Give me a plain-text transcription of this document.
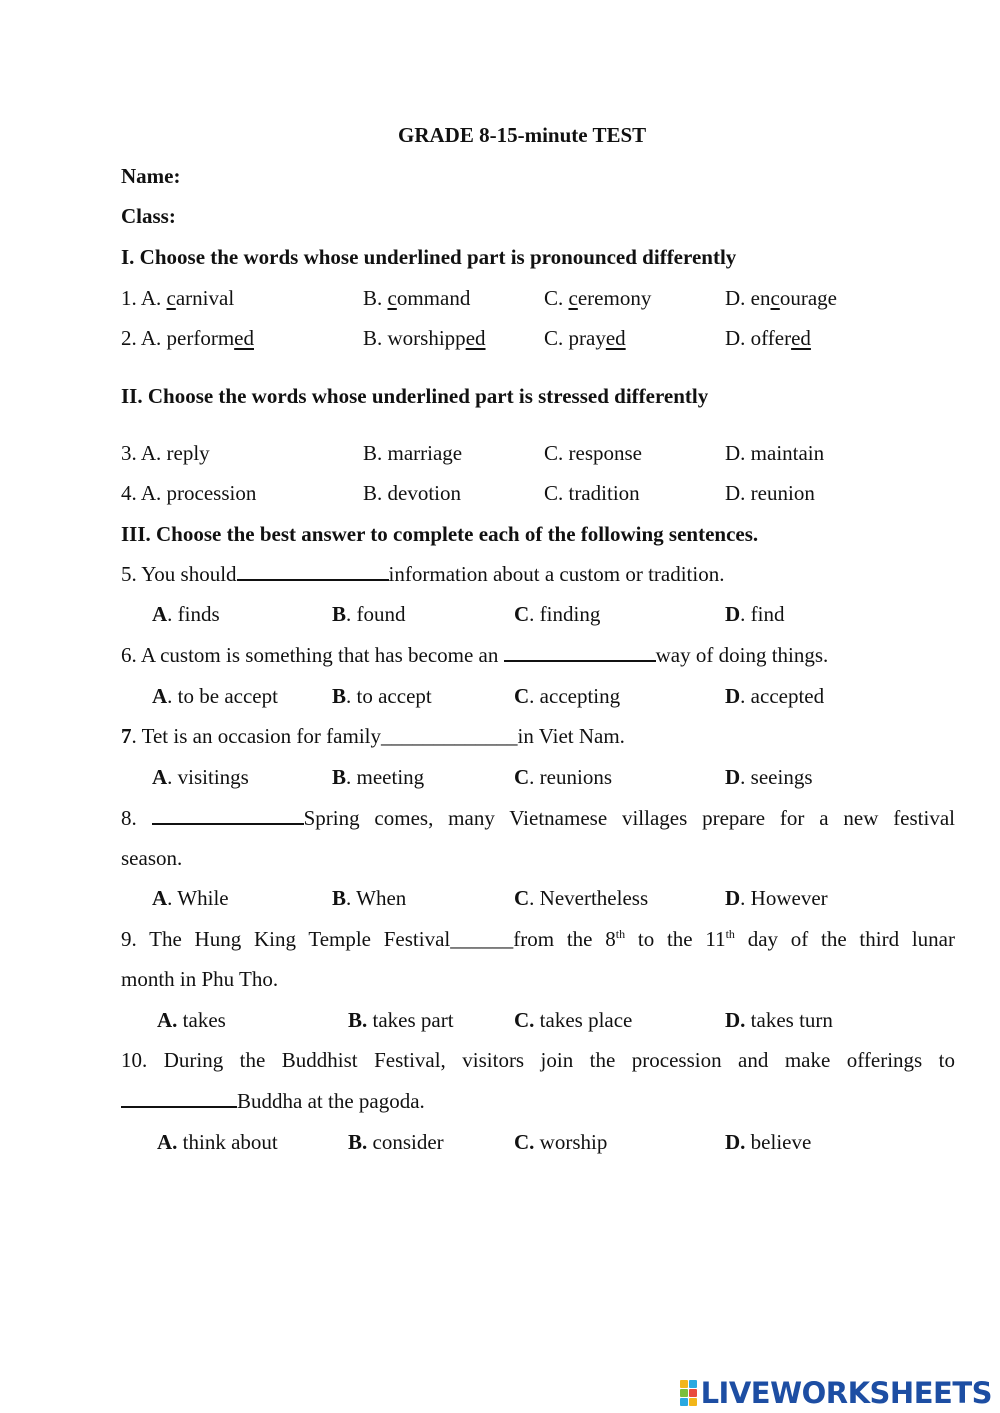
GRADE 8-15-minute TEST
Name:
Class:
I. Choose the words whose underlined part is pronounced differently
1. A. carnival	B. command	C. ceremony	D. encourage
2. A. performed	B. worshipped	C. prayed	D. offered
II. Choose the words whose underlined part is stressed differently
3. A. reply	B. marriage	C. response	D. maintain
4. A. procession	B. devotion	C. tradition	D. reunion
III. Choose the best answer to complete each of the following sentences.
5. You should	information about a custom or tradition.
A. finds	B. found	C. finding	D. find
6. A custom is something that has become an	way of doing things.
A. to be accept	B. to accept	C. accepting	D. accepted
7. Tet is an occasion for family_____________in Viet Nam.
A. visitings	B. meeting	C. reunions	D. seeings
8.	Spring comes, many Vietnamese villages prepare for a new festival
season.
A. While	B. When	C. Nevertheless	D. However
9. The Hung King Temple Festival______from the 8th to the 11th day of the third lunar
month in Phu Tho.
A. takes	B. takes part	C. takes place	D. takes turn
10. During the Buddhist Festival, visitors join the procession and make offerings to
Buddha at the pagoda.
A. think about	B. consider	C. worship	D. believe
LIVEWORKSHEETS
